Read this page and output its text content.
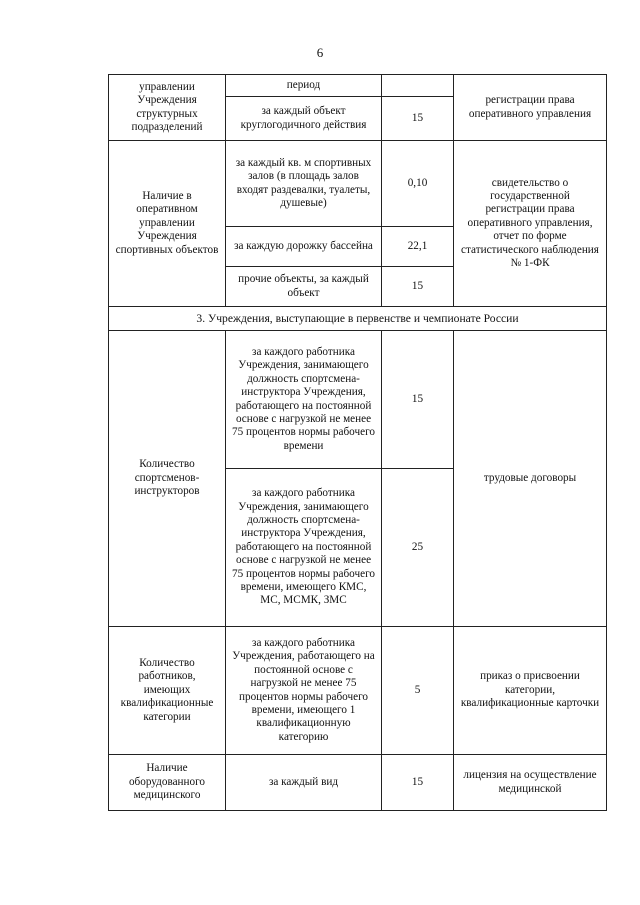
6
управлении Учреждения структурных подразделений	период		регистрации права оперативного управления
	за каждый объект круглогодичного действия	15	
Наличие в оперативном управлении Учреждения спортивных объектов	за каждый кв. м спортивных залов (в площадь залов входят раздевалки, туалеты, душевые)	0,10	свидетельство о государственной регистрации права оперативного управления, отчет по форме статистического наблюдения № 1-ФК
	за каждую дорожку бассейна	22,1	
	прочие объекты, за каждый объект	15	
3. Учреждения, выступающие в первенстве и чемпионате России			
Количество спортсменов-инструкторов	за каждого работника Учреждения, занимающего должность спортсмена-инструктора Учреждения, работающего на постоянной основе с нагрузкой не менее 75 процентов нормы рабочего времени	15	трудовые договоры
	за каждого работника Учреждения, занимающего должность спортсмена-инструктора Учреждения, работающего на постоянной основе с нагрузкой не менее 75 процентов нормы рабочего времени, имеющего КМС, МС, МСМК, ЗМС	25	
Количество работников, имеющих квалификационные категории	за каждого работника Учреждения, работающего на постоянной основе с нагрузкой не менее 75 процентов нормы рабочего времени, имеющего 1 квалификационную категорию	5	приказ о присвоении категории, квалификационные карточки
Наличие оборудованного медицинского	за каждый вид	15	лицензия на осуществление медицинской
